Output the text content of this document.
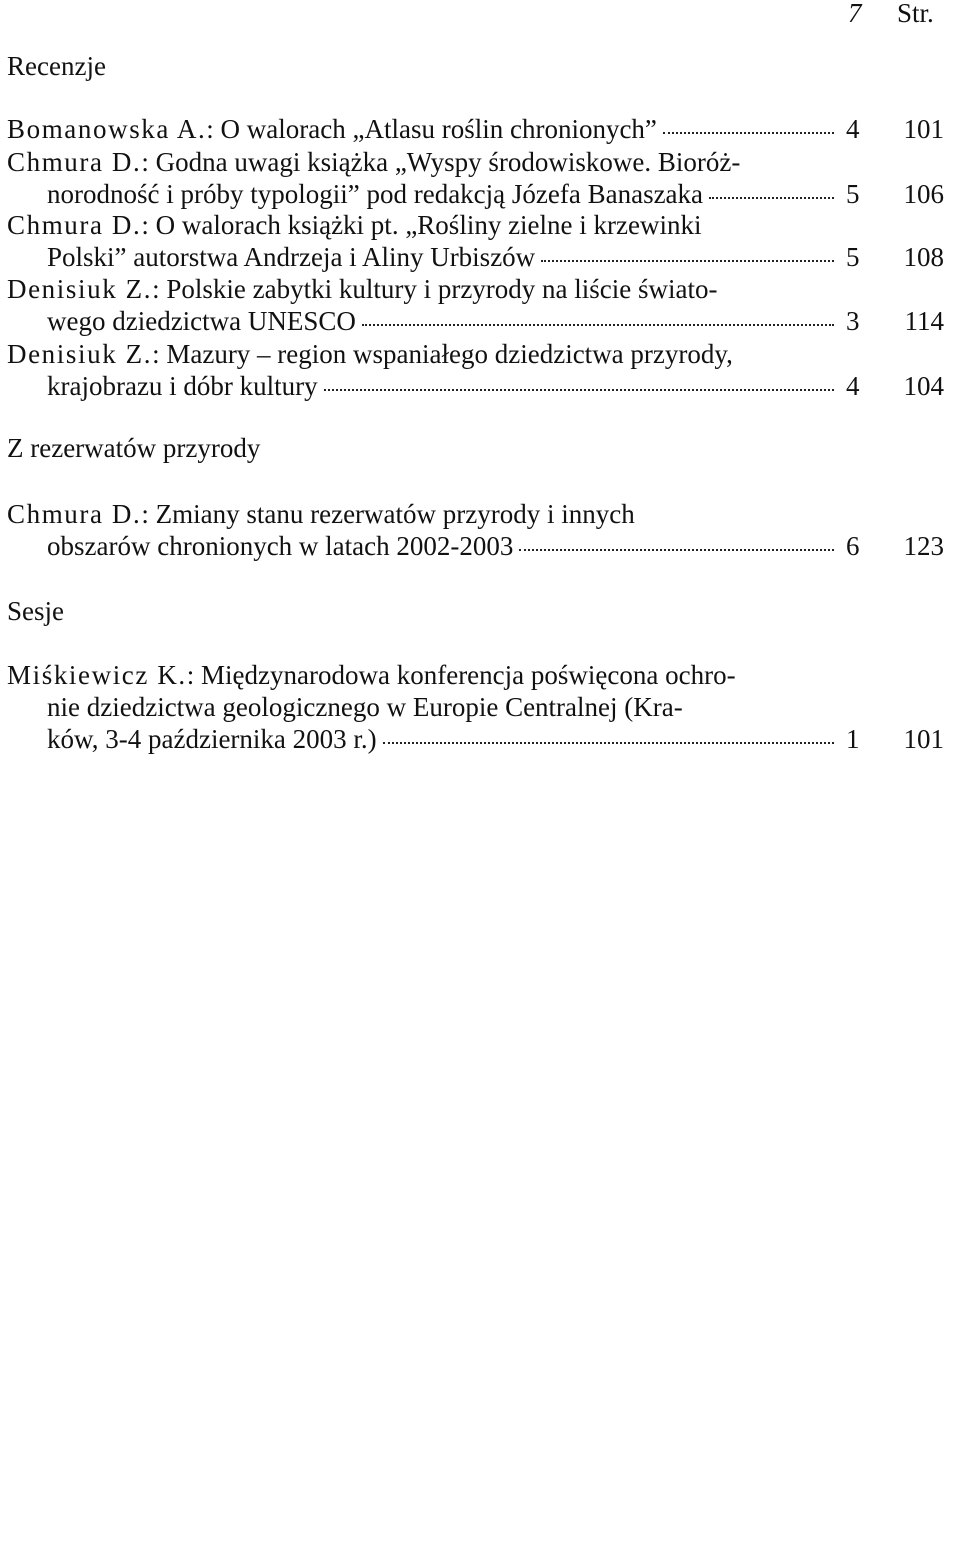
7 Str.
Recenzje
Bomanowska A.: O walorach „Atlasu roślin chronionych”	4	101
Chmura D.: Godna uwagi książka „Wyspy środowiskowe. Bioróż-
norodność i próby typologii” pod redakcją Józefa Banaszaka	5	106
Chmura D.: O walorach książki pt. „Rośliny zielne i krzewinki
Polski” autorstwa Andrzeja i Aliny Urbiszów	5	108
Denisiuk Z.: Polskie zabytki kultury i przyrody na liście świato-
wego dziedzictwa UNESCO	3	114
Denisiuk Z.: Mazury – region wspaniałego dziedzictwa przyrody,
krajobrazu i dóbr kultury	4	104
Z rezerwatów przyrody
Chmura D.: Zmiany stanu rezerwatów przyrody i innych
obszarów chronionych w latach 2002-2003	6	123
Sesje
Miśkiewicz K.: Międzynarodowa konferencja poświęcona ochro-
nie dziedzictwa geologicznego w Europie Centralnej (Kra-
ków, 3-4 października 2003 r.)	1	101
